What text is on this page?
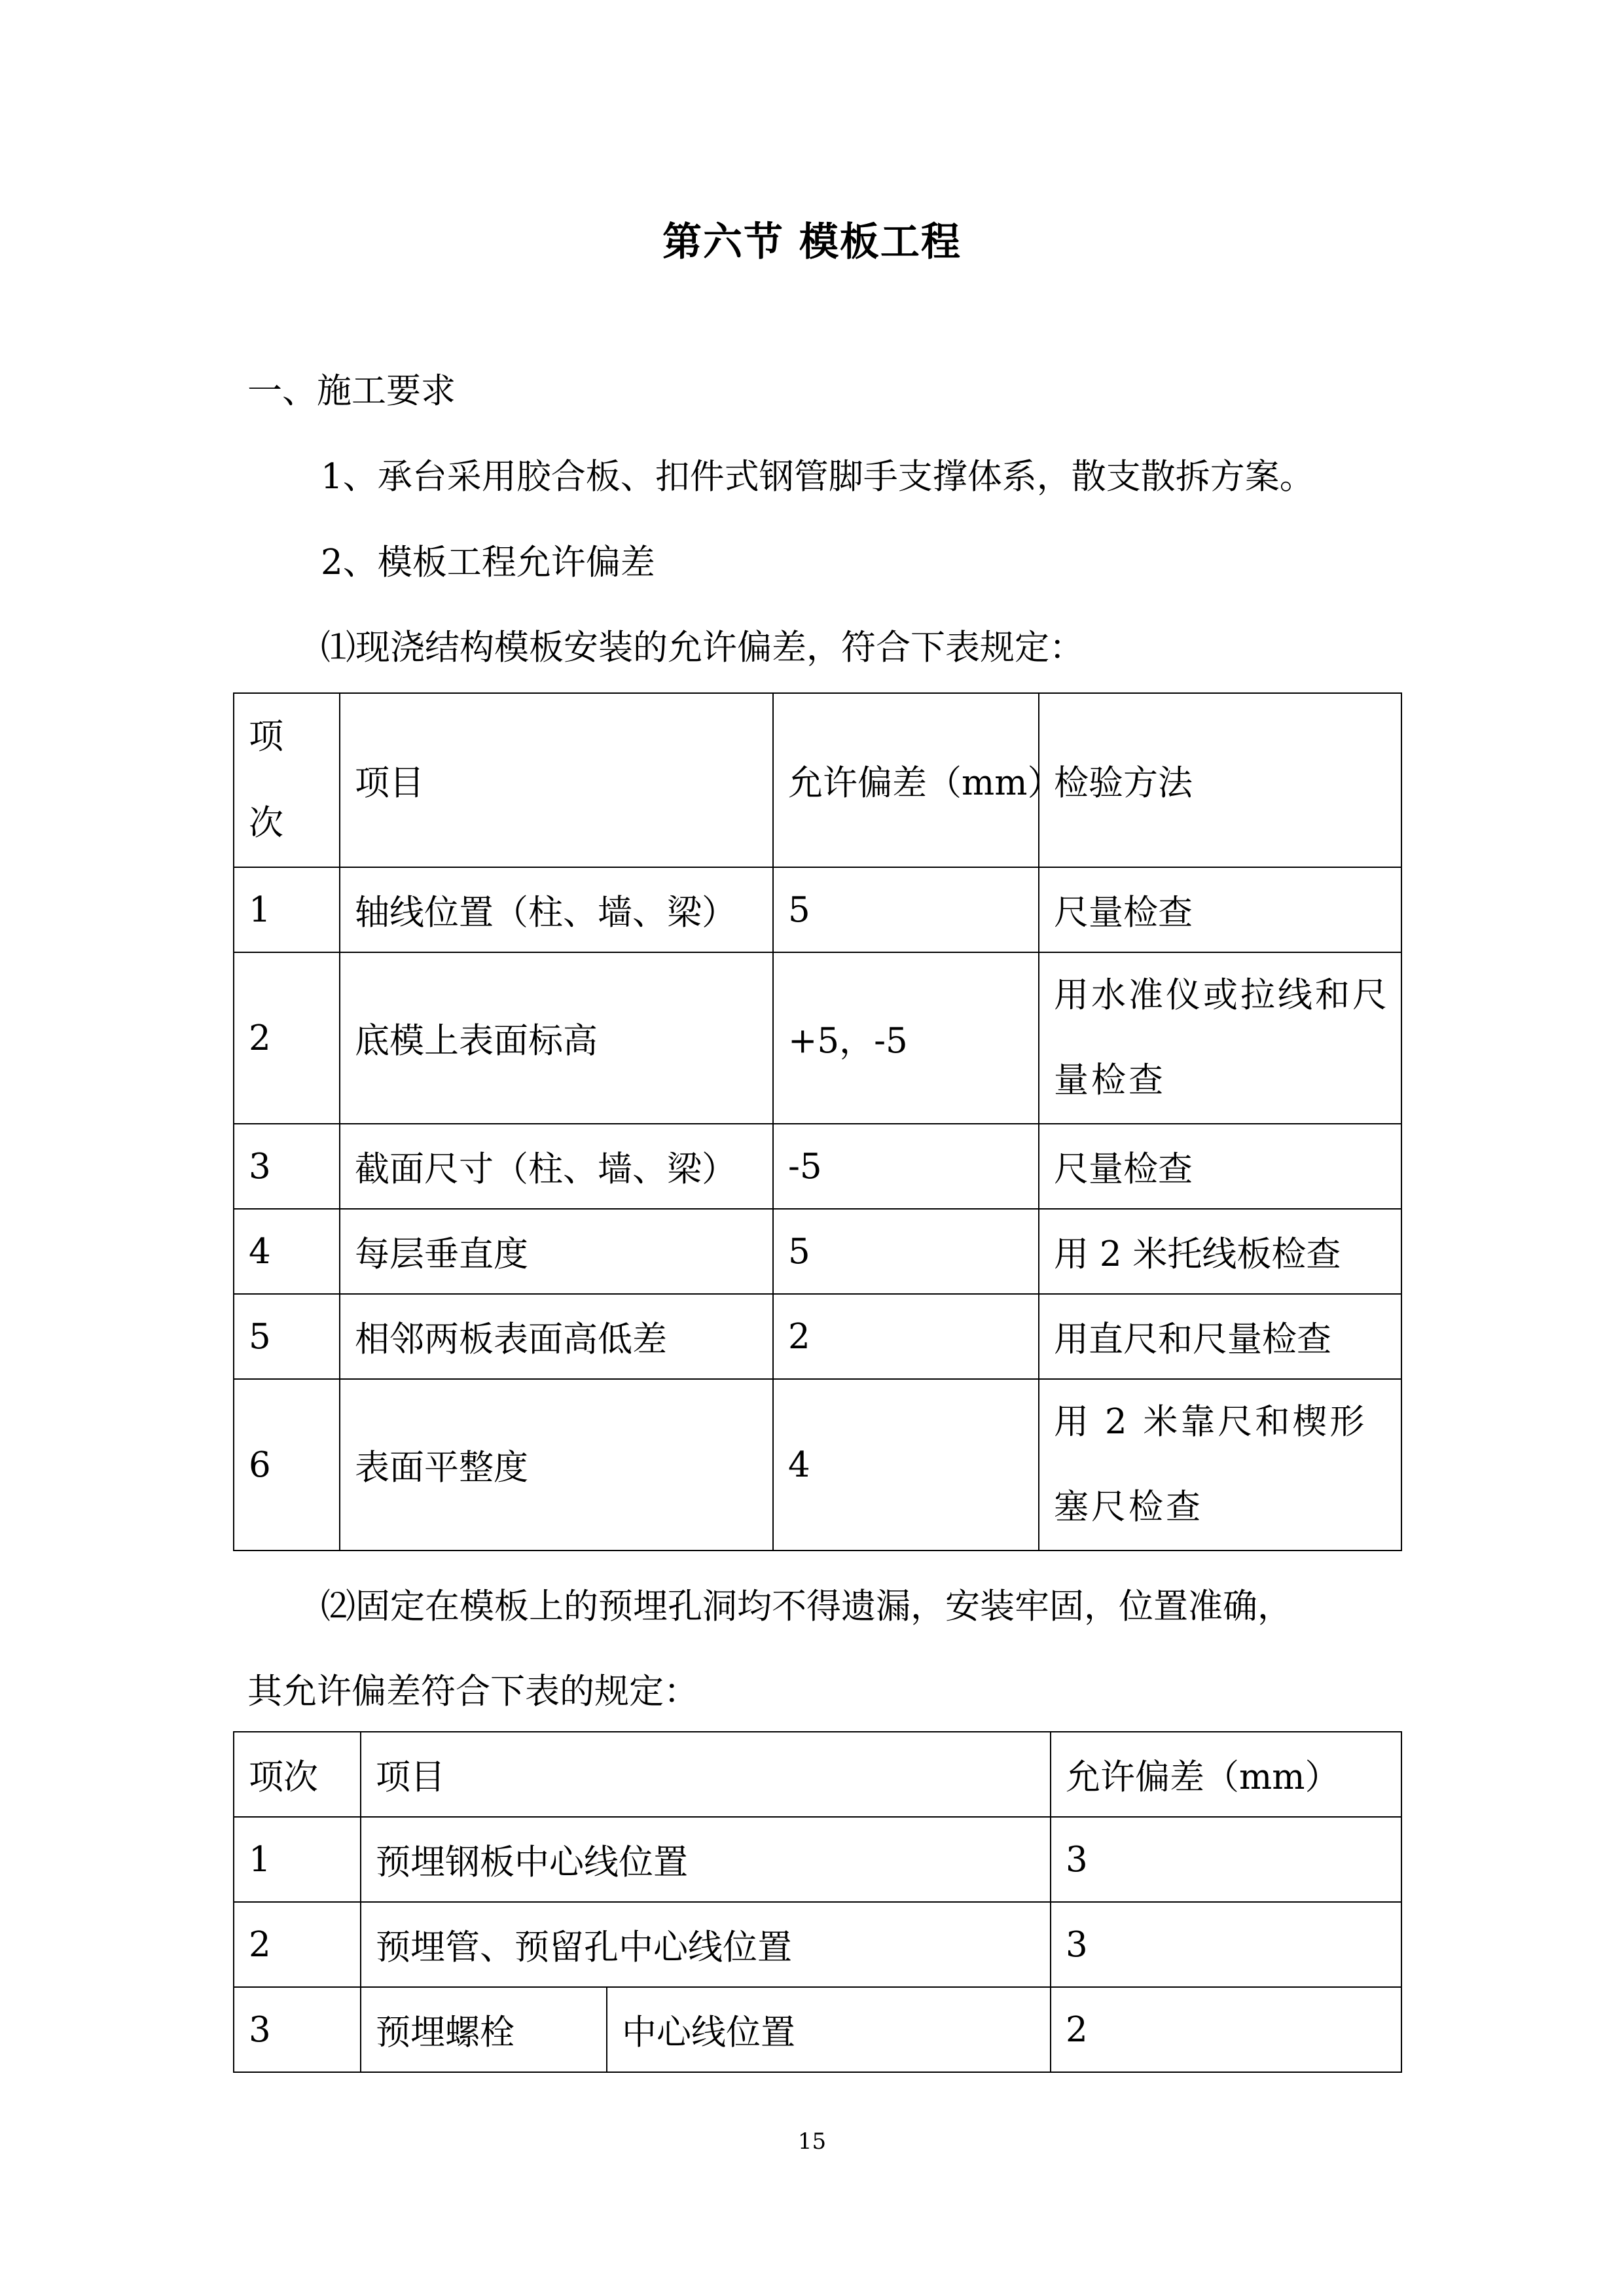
第六节 模板工程
一、施工要求
1、承台采用胶合板、扣件式钢管脚手支撑体系，散支散拆方案。
2、模板工程允许偏差
⑴现浇结构模板安装的允许偏差，符合下表规定：
项次	项目	允许偏差（mm）	检验方法
1	轴线位置（柱、墙、梁）	5	尺量检查
2	底模上表面标高	+5，-5	用水准仪或拉线和尺量检查

3	截面尺寸（柱、墙、梁）	-5	尺量检查
4	每层垂直度	5	用 2 米托线板检查
5	相邻两板表面高低差	2	用直尺和尺量检查
6	表面平整度	4	用 2 米靠尺和楔形塞尺检查
⑵固定在模板上的预埋孔洞均不得遗漏，安装牢固，位置准确，
其允许偏差符合下表的规定：
项次	项目		允许偏差（mm）
1	预埋钢板中心线位置		3
2	预埋管、预留孔中心线位置		3
3	预埋螺栓	中心线位置	2
15
